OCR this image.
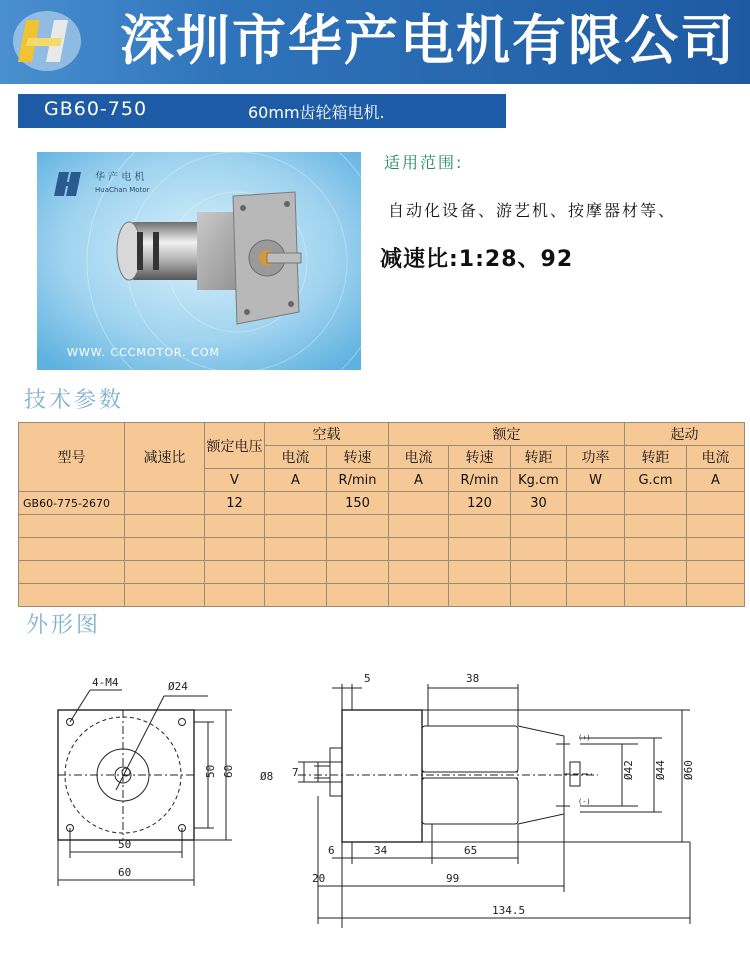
深圳市华产电机有限公司
GB60-750	60mm齿轮箱电机.
华 产 电 机
HuaChan Motor
WWW. CCCMOTOR. COM
适用范围:
自动化设备、游艺机、按摩器材等、
减速比:1:28、92
技术参数
型号	减速比	额定电压	空载		额定				起动	
			电流	转速	电流	转速	转距	功率	转距	电流
		V	A	R/min	A	R/min	Kg.cm	W	G.cm	A
GB60-775-2670		12		150		120	30			

外形图
4-M4	Ø24
50
60
50 60
5	38
Ø8 7
(+)
(-)
Ø42 Ø44 Ø60
6	34	65
20	99
134.5
